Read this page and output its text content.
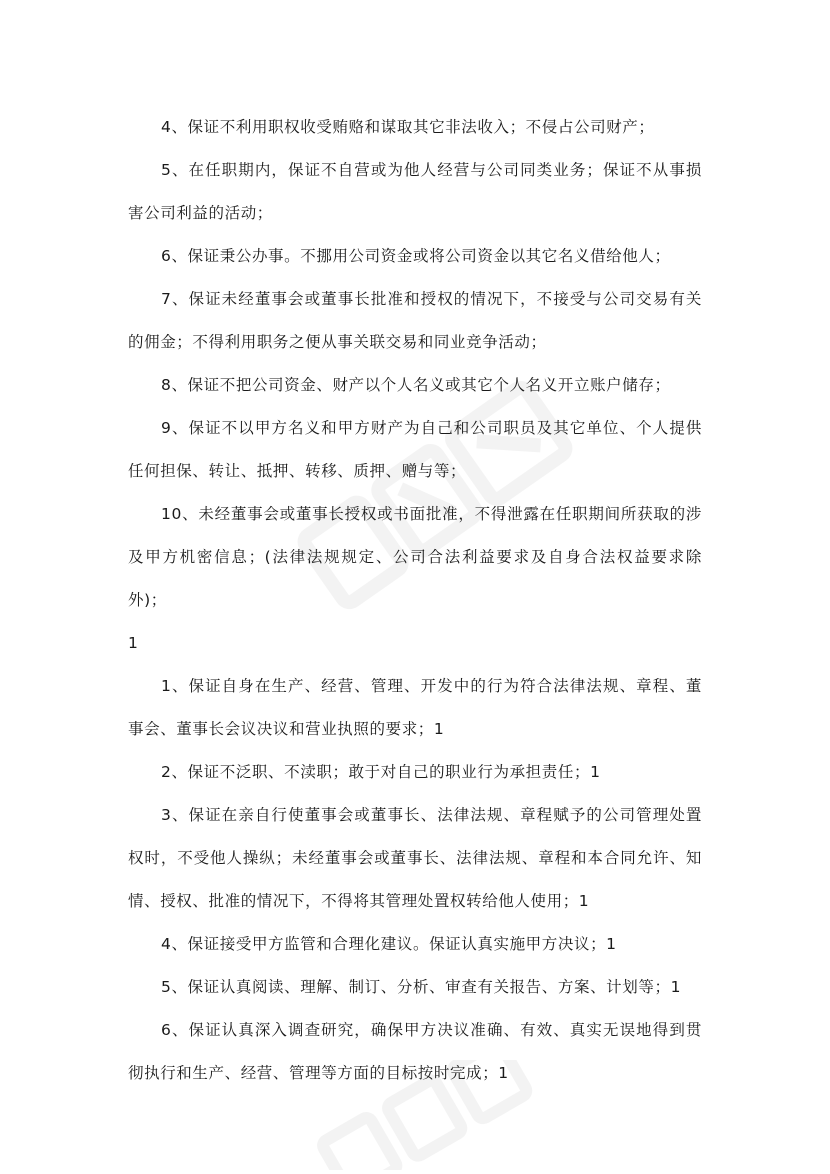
4、保证不利用职权收受贿赂和谋取其它非法收入；不侵占公司财产；

5、在任职期内，保证不自营或为他人经营与公司同类业务；保证不从事损害公司利益的活动；

6、保证秉公办事。不挪用公司资金或将公司资金以其它名义借给他人；

7、保证未经董事会或董事长批准和授权的情况下，不接受与公司交易有关的佣金；不得利用职务之便从事关联交易和同业竞争活动；

8、保证不把公司资金、财产以个人名义或其它个人名义开立账户储存；

9、保证不以甲方名义和甲方财产为自己和公司职员及其它单位、个人提供任何担保、转让、抵押、转移、质押、赠与等；

10、未经董事会或董事长授权或书面批准，不得泄露在任职期间所获取的涉及甲方机密信息；(法律法规规定、公司合法利益要求及自身合法权益要求除外)；

1

1、保证自身在生产、经营、管理、开发中的行为符合法律法规、章程、董事会、董事长会议决议和营业执照的要求；1

2、保证不泛职、不渎职；敢于对自己的职业行为承担责任；1

3、保证在亲自行使董事会或董事长、法律法规、章程赋予的公司管理处置权时，不受他人操纵；未经董事会或董事长、法律法规、章程和本合同允许、知情、授权、批准的情况下，不得将其管理处置权转给他人使用；1

4、保证接受甲方监管和合理化建议。保证认真实施甲方决议；1

5、保证认真阅读、理解、制订、分析、审查有关报告、方案、计划等；1

6、保证认真深入调查研究，确保甲方决议准确、有效、真实无误地得到贯彻执行和生产、经营、管理等方面的目标按时完成；1
